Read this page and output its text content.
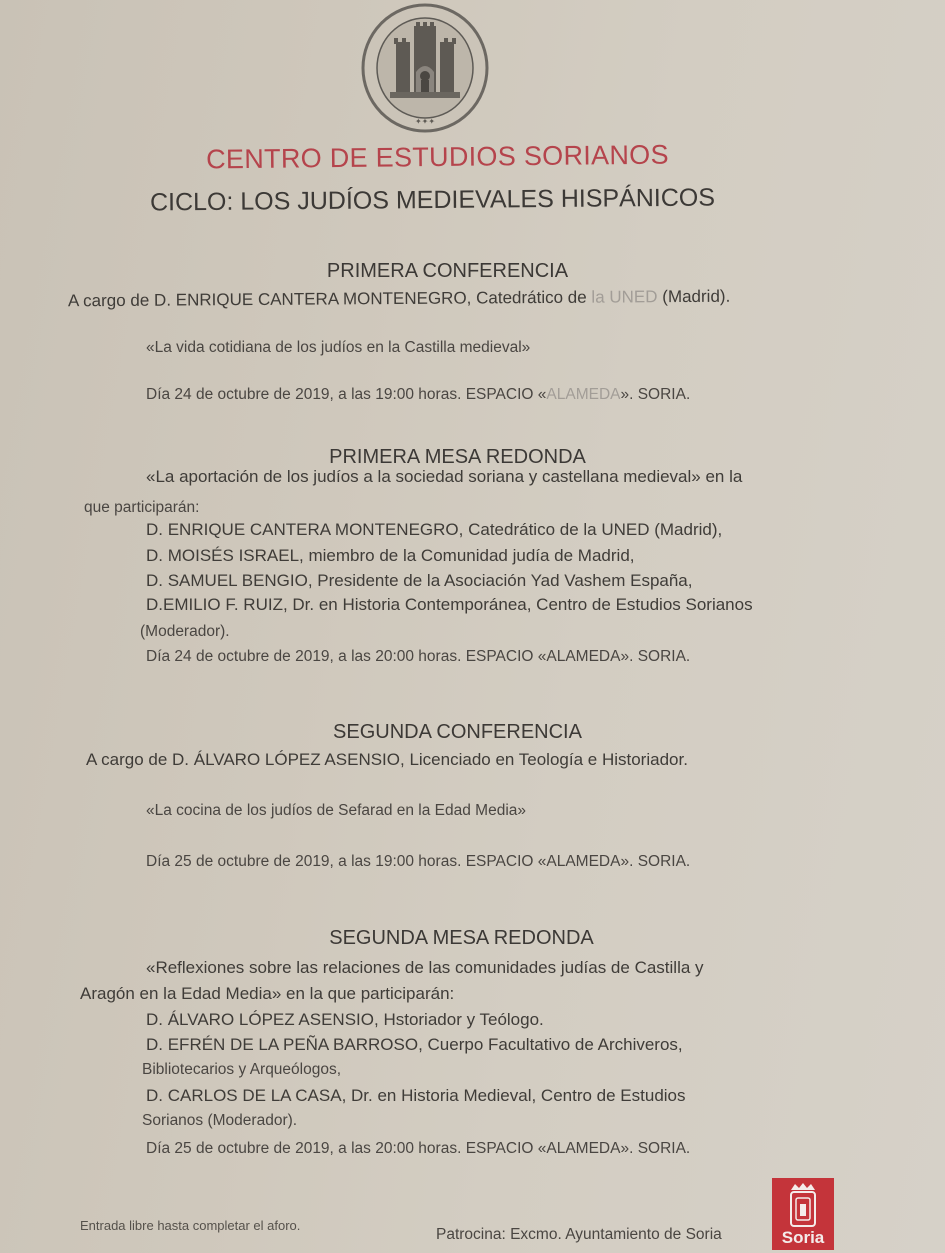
✦✦✦
CENTRO DE ESTUDIOS SORIANOS
CICLO: LOS JUDÍOS MEDIEVALES HISPÁNICOS
PRIMERA CONFERENCIA
A cargo de D. ENRIQUE CANTERA MONTENEGRO, Catedrático de la UNED (Madrid).
«La vida cotidiana de los judíos en la Castilla medieval»
Día 24 de octubre de 2019, a las 19:00 horas. ESPACIO «ALAMEDA». SORIA.
PRIMERA MESA REDONDA
«La aportación de los judíos a la sociedad soriana y castellana medieval» en la
que participarán:
D. ENRIQUE CANTERA MONTENEGRO, Catedrático de la UNED (Madrid),
D. MOISÉS ISRAEL, miembro de la Comunidad judía de Madrid,
D. SAMUEL BENGIO, Presidente de la Asociación Yad Vashem España,
D.EMILIO F. RUIZ, Dr. en Historia Contemporánea, Centro de Estudios Sorianos
(Moderador).
Día 24 de octubre de 2019, a las 20:00 horas. ESPACIO «ALAMEDA». SORIA.
SEGUNDA CONFERENCIA
A cargo de D. ÁLVARO LÓPEZ ASENSIO, Licenciado en Teología e Historiador.
«La cocina de los judíos de Sefarad en la Edad Media»
Día 25 de octubre de 2019, a las 19:00 horas. ESPACIO «ALAMEDA». SORIA.
SEGUNDA MESA REDONDA
«Reflexiones sobre las relaciones de las comunidades judías de Castilla y
Aragón en la Edad Media» en la que participarán:
D. ÁLVARO LÓPEZ ASENSIO, Hstoriador y Teólogo.
D. EFRÉN DE LA PEÑA BARROSO, Cuerpo Facultativo de Archiveros,
Bibliotecarios y Arqueólogos,
D. CARLOS DE LA CASA, Dr. en Historia Medieval, Centro de Estudios
Sorianos (Moderador).
Día 25 de octubre de 2019, a las 20:00 horas. ESPACIO «ALAMEDA». SORIA.
Entrada libre hasta completar el aforo.
Patrocina: Excmo. Ayuntamiento de Soria	Soria
